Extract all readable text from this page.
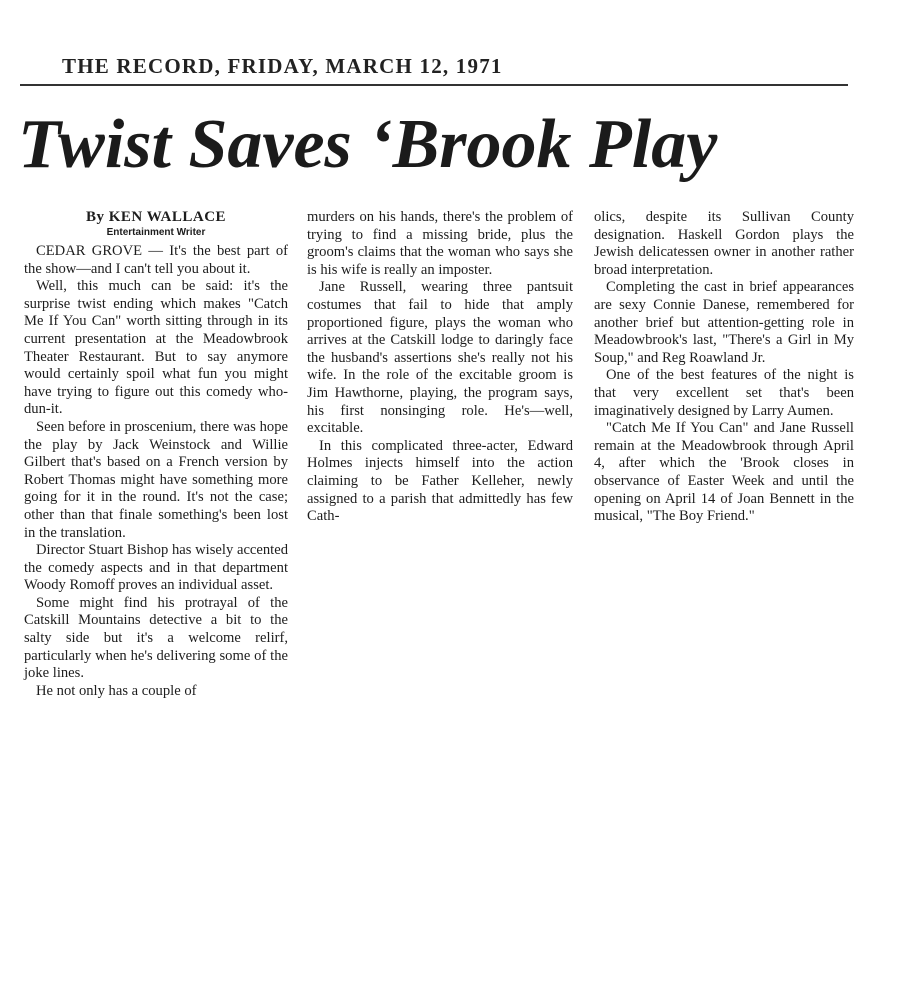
THE RECORD, FRIDAY, MARCH 12, 1971
Twist Saves ‘Brook Play
By KEN WALLACE
Entertainment Writer

CEDAR GROVE — It's the best part of the show—and I can't tell you about it.

Well, this much can be said: it's the surprise twist ending which makes "Catch Me If You Can" worth sitting through in its current presentation at the Meadowbrook Theater Restaurant. But to say anymore would certainly spoil what fun you might have trying to figure out this comedy who-dun-it.

Seen before in proscenium, there was hope the play by Jack Weinstock and Willie Gilbert that's based on a French version by Robert Thomas might have something more going for it in the round. It's not the case; other than that finale something's been lost in the translation.

Director Stuart Bishop has wisely accented the comedy aspects and in that department Woody Romoff proves an individual asset.

Some might find his protrayal of the Catskill Mountains detective a bit to the salty side but it's a welcome relirf, particularly when he's delivering some of the joke lines.

He not only has a couple of

murders on his hands, there's the problem of trying to find a missing bride, plus the groom's claims that the woman who says she is his wife is really an imposter.

Jane Russell, wearing three pantsuit costumes that fail to hide that amply proportioned figure, plays the woman who arrives at the Catskill lodge to daringly face the husband's assertions she's really not his wife. In the role of the excitable groom is Jim Hawthorne, playing, the program says, his first nonsinging role. He's—well, excitable.

In this complicated three-acter, Edward Holmes injects himself into the action claiming to be Father Kelleher, newly assigned to a parish that admittedly has few Cath-

olics, despite its Sullivan County designation. Haskell Gordon plays the Jewish delicatessen owner in another rather broad interpretation.

Completing the cast in brief appearances are sexy Connie Danese, remembered for another brief but attention-getting role in Meadowbrook's last, "There's a Girl in My Soup," and Reg Roawland Jr.

One of the best features of the night is that very excellent set that's been imaginatively designed by Larry Aumen.

"Catch Me If You Can" and Jane Russell remain at the Meadowbrook through April 4, after which the 'Brook closes in observance of Easter Week and until the opening on April 14 of Joan Bennett in the musical, "The Boy Friend."
